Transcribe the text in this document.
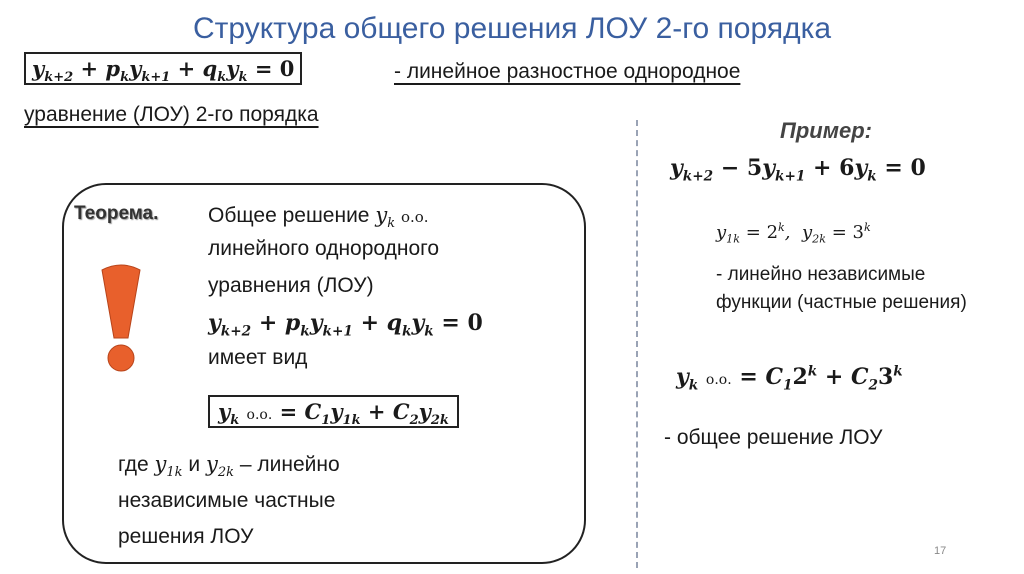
Структура общего решения ЛОУ 2-го порядка
$y_{k+2} + p_ky_{k+1} + q_ky_k = 0$	- линейное разностное однородное
уравнение (ЛОУ) 2-го порядка
Теорема. Общее решение $y_k$ о.о.
линейного однородного
уравнения (ЛОУ)
$y_{k+2} + p_ky_{k+1} + q_ky_k = 0$
имеет вид
$y_k$ о.о. = $C_1y_{1k} + C_2y_{2k}$
где $y_{1k}$ и $y_{2k}$ – линейно
независимые частные
решения ЛОУ
Пример:
$y_{k+2} - 5y_{k+1} + 6y_k = 0$
$y_{1k} = 2^k$,  $y_{2k} = 3^k$
- линейно независимые
функции (частные решения)
$y_k$ о.о. = $C_12^k + C_23^k$
- общее решение ЛОУ
17
